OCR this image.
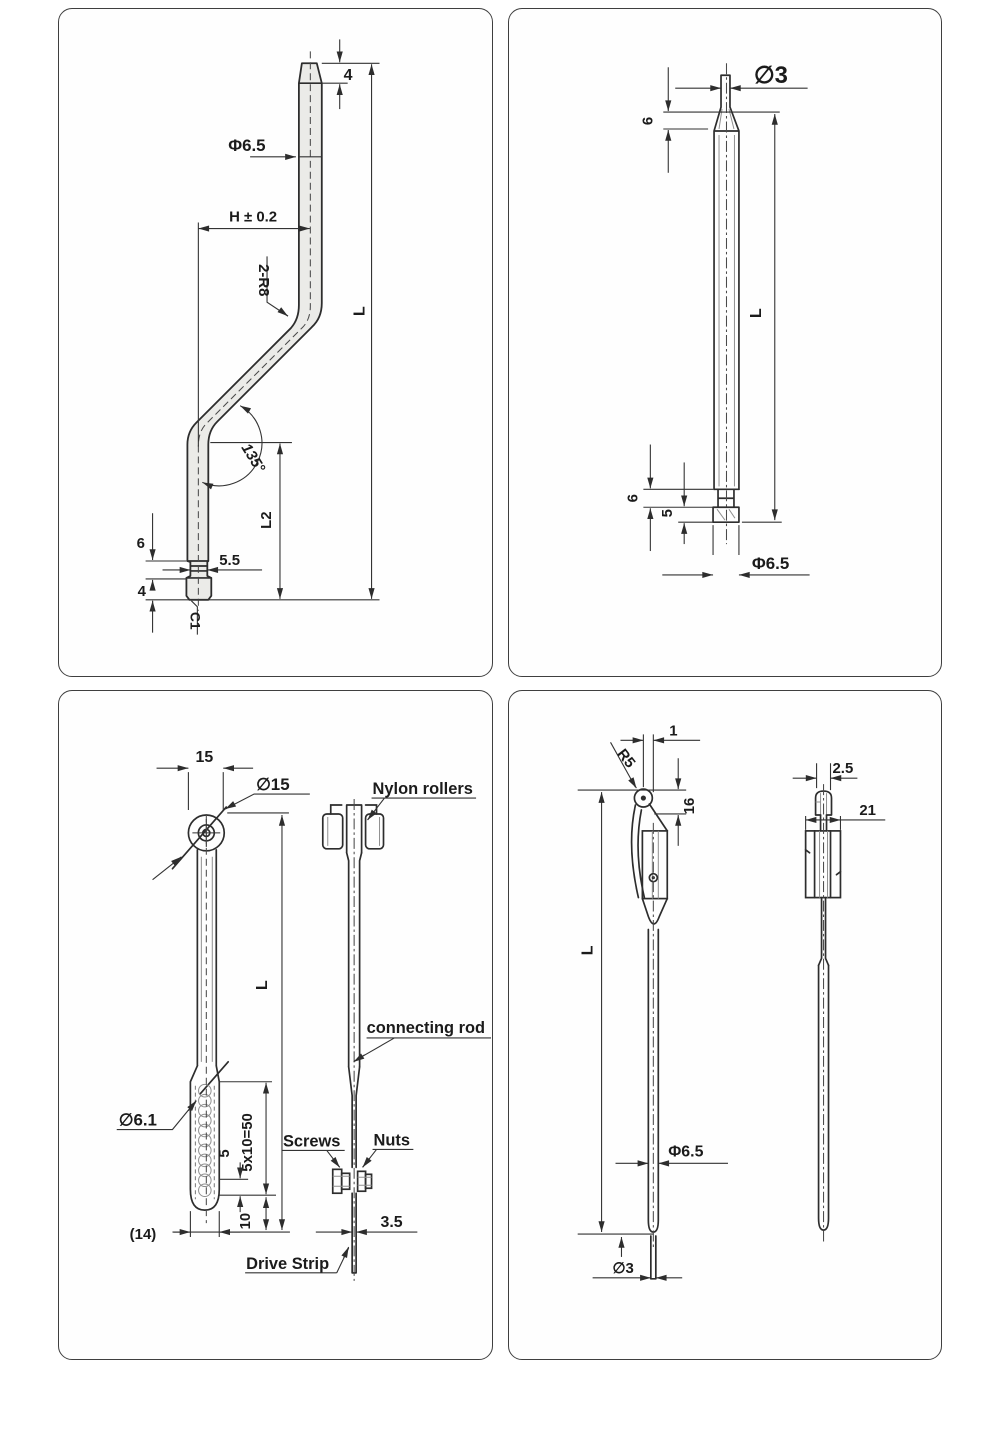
4
Φ6.5
H ± 0.2
2-R8
L
135°
L2
6
5.5
4
C1
∅3
6
L
6
5
Φ6.5
15
∅15
L
∅6.1	5x10=50
5
10
(14)
3.5
Nylon rollers
connecting rod
Screws Nuts
Drive Strip
1
R5
16
L
Φ6.5
∅3
2.5
21
